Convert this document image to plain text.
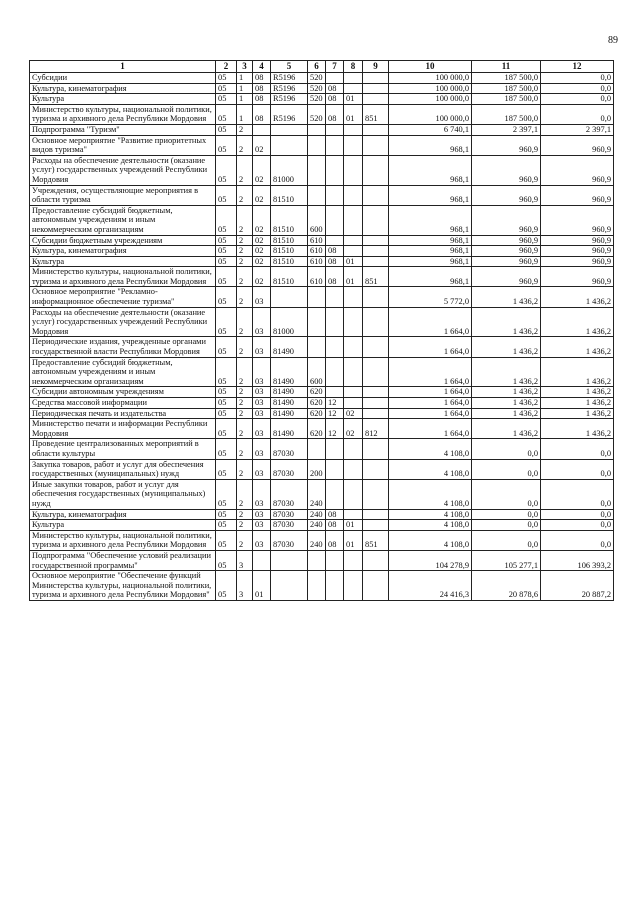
89
1	2	3	4	5	6	7	8	9	10	11	12
Субсидии	05	1	08	R5196	520				100 000,0	187 500,0	0,0
Культура, кинематография	05	1	08	R5196	520	08			100 000,0	187 500,0	0,0
Культура	05	1	08	R5196	520	08	01		100 000,0	187 500,0	0,0
Министерство культуры, национальной политики, туризма и архивного дела Республики Мордовия	05	1	08	R5196	520	08	01	851	100 000,0	187 500,0	0,0
Подпрограмма "Туризм"	05	2							6 740,1	2 397,1	2 397,1
Основное мероприятие "Развитие приоритетных видов туризма"	05	2	02						968,1	960,9	960,9
Расходы на обеспечение деятельности (оказание услуг) государственных учреждений Республики Мордовия	05	2	02	81000					968,1	960,9	960,9
Учреждения, осуществляющие мероприятия в области туризма	05	2	02	81510					968,1	960,9	960,9
Предоставление субсидий бюджетным, автономным учреждениям и иным некоммерческим организациям	05	2	02	81510	600				968,1	960,9	960,9
Субсидии бюджетным учреждениям	05	2	02	81510	610				968,1	960,9	960,9
Культура, кинематография	05	2	02	81510	610	08			968,1	960,9	960,9
Культура	05	2	02	81510	610	08	01		968,1	960,9	960,9
Министерство культуры, национальной политики, туризма и архивного дела Республики Мордовия	05	2	02	81510	610	08	01	851	968,1	960,9	960,9
Основное мероприятие "Рекламно-информационное обеспечение туризма"	05	2	03						5 772,0	1 436,2	1 436,2
Расходы на обеспечение деятельности (оказание услуг) государственных учреждений Республики Мордовия	05	2	03	81000					1 664,0	1 436,2	1 436,2
Периодические издания, учрежденные органами государственной власти Республики Мордовия	05	2	03	81490					1 664,0	1 436,2	1 436,2
Предоставление субсидий бюджетным, автономным учреждениям и иным некоммерческим организациям	05	2	03	81490	600				1 664,0	1 436,2	1 436,2
Субсидии автономным учреждениям	05	2	03	81490	620				1 664,0	1 436,2	1 436,2
Средства массовой информации	05	2	03	81490	620	12			1 664,0	1 436,2	1 436,2
Периодическая печать и издательства	05	2	03	81490	620	12	02		1 664,0	1 436,2	1 436,2
Министерство печати и информации Республики Мордовия	05	2	03	81490	620	12	02	812	1 664,0	1 436,2	1 436,2
Проведение централизованных мероприятий в области культуры	05	2	03	87030					4 108,0	0,0	0,0
Закупка товаров, работ и услуг для обеспечения государственных (муниципальных) нужд	05	2	03	87030	200				4 108,0	0,0	0,0
Иные закупки товаров, работ и услуг для обеспечения государственных (муниципальных) нужд	05	2	03	87030	240				4 108,0	0,0	0,0
Культура, кинематография	05	2	03	87030	240	08			4 108,0	0,0	0,0
Культура	05	2	03	87030	240	08	01		4 108,0	0,0	0,0
Министерство культуры, национальной политики, туризма и архивного дела Республики Мордовия	05	2	03	87030	240	08	01	851	4 108,0	0,0	0,0
Подпрограмма "Обеспечение условий реализации государственной программы"	05	3							104 278,9	105 277,1	106 393,2
Основное мероприятие "Обеспечение функций Министерства культуры, национальной политики, туризма и архивного дела Республики Мордовия"	05	3	01						24 416,3	20 878,6	20 887,2
